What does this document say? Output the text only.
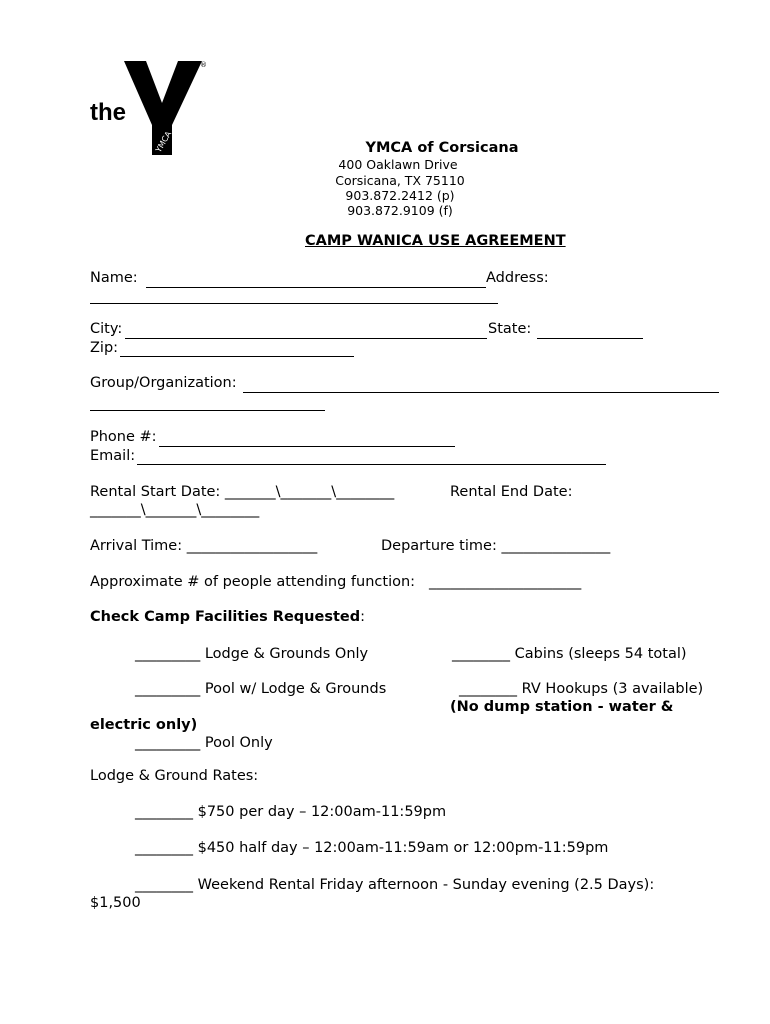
®
YMCA
the
YMCA of Corsicana
400 Oaklawn Drive
Corsicana, TX 75110
903.872.2412 (p)
903.872.9109 (f)
CAMP WANICA USE AGREEMENT
Name:	Address:
City:	State:
Zip:
Group/Organization:
Phone #:
Email:
Rental Start Date: _______\_______\________	Rental End Date:
_______\_______\________
Arrival Time: __________________	Departure time: _______________
Approximate # of people attending function: _____________________
Check Camp Facilities Requested:
_________ Lodge & Grounds Only	________ Cabins (sleeps 54 total)
_________ Pool w/ Lodge & Grounds	________ RV Hookups (3 available)
(No dump station - water &
electric only)
_________ Pool Only
Lodge & Ground Rates:
________ $750 per day – 12:00am-11:59pm
________ $450 half day – 12:00am-11:59am or 12:00pm-11:59pm
________ Weekend Rental Friday afternoon - Sunday evening (2.5 Days):
$1,500
